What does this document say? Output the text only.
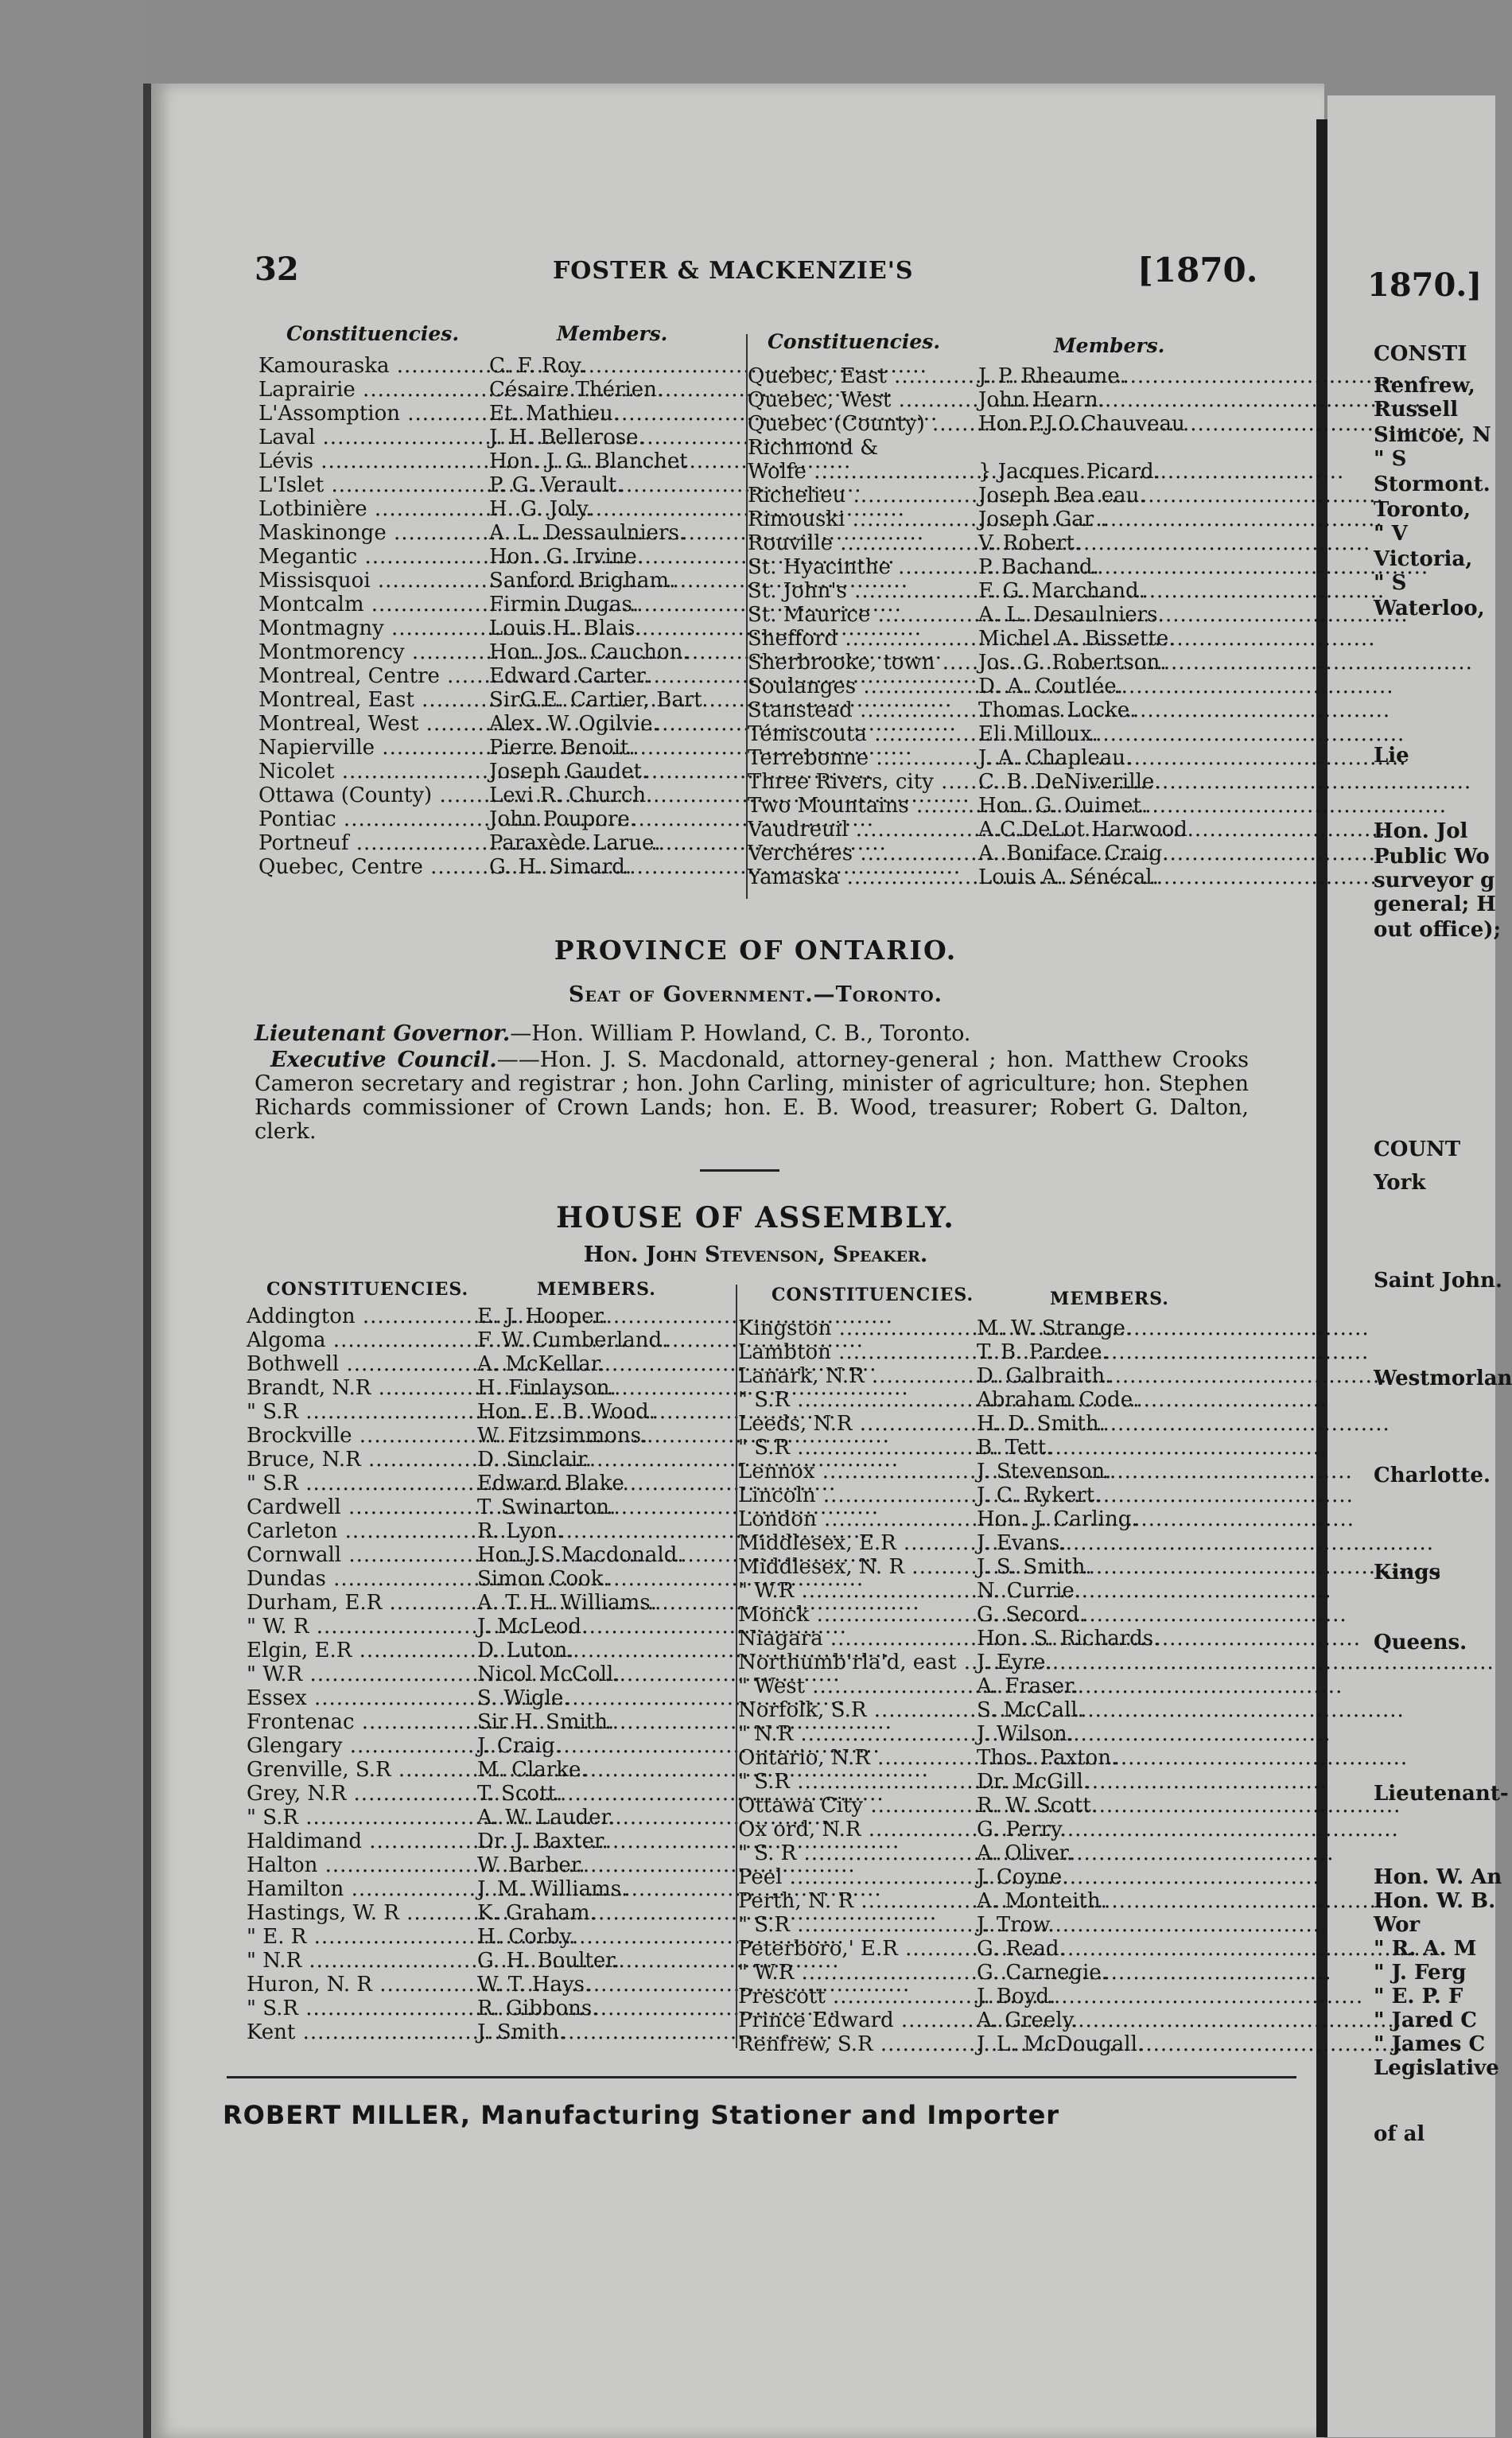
1870.]
CONSTI
Renfrew,
Russell
Simcoe, N
" S
Stormont.
Toronto,
" V
Victoria,
" S
Waterloo,
Lie
Hon. Jol
Public Wo
surveyor g
general; H
out office);
COUNT
York
Saint John.
Westmorlan
Charlotte.
Kings
Queens.
Lieutenant-
Hon. W. An
Hon. W. B.
Wor
" R. A. M
" J. Ferg
" E. P. F
" Jared C
" James C
Legislative
of al
32	FOSTER & MACKENZIE'S	[1870.
Constituencies.	Members.	Constituencies.	Members.
Kamouraska .....	C. F. Roy.
Laprairie .....	Césaire Thérien.
L'Assomption .....	Et. Mathieu.
Laval .....	J. H. Bellerose.
Lévis .....	Hon. J. G. Blanchet
L'Islet .....	P. G. Verault.
Lotbinière .....	H. G. Joly.
Maskinonge .....	A. L. Dessaulniers.
Megantic .....	Hon. G. Irvine.
Missisquoi .....	Sanford Brigham.
Montcalm .....	Firmin Dugas.
Montmagny .....	Louis H. Blais.
Montmorency .....	Hon. Jos. Cauchon.
Montreal, Centre .....	Edward Carter.
Montreal, East .....	SirG.E. Cartier, Bart
Montreal, West .....	Alex. W. Ogilvie.
Napierville .....	Pierre Benoit.
Nicolet .....	Joseph Gaudet.
Ottawa (County) .....	Levi R. Church.
Pontiac .....	John Poupore.
Portneuf .....	Paraxède Larue.
Quebec, Centre .....	G. H. Simard.
Quebec, East .....	J. P. Rheaume.
Quebec, West .....	John Hearn.
Quebec (County) .....	Hon.P.J.O.Chauveau
Richmond &
Wolfe .....	} Jacques Picard.
Richelieu .....	Joseph Bea eau.
Rimouski .....	Joseph Gar .
Rouville .....	V. Robert.
St. Hyacinthe .....	P. Bachand.
St. John's .....	F. G. Marchand.
St. Maurice .....	A. L. Desaulniers.
Shefford .....	Michel A. Bissette.
Sherbrooke, town .....	Jos. G. Robertson.
Soulanges .....	D. A. Coutlée.
Stanstead .....	Thomas Locke.
Témiscouta .....	Eli Milloux.
Terrebonne .....	J. A. Chapleau.
Three Rivers, city .....	C. B. DeNiverille.
Two Mountains .....	Hon. G. Ouimet.
Vaudreuil .....	A.C.DeLot Harwood
Verchéres .....	A. Boniface Craig.
Yamaska .....	Louis A. Sénécal.
PROVINCE OF ONTARIO.
Seat of Government.—Toronto.
Lieutenant Governor.—Hon. William P. Howland, C. B., Toronto.
Executive Council.——Hon. J. S. Macdonald, attorney-general ; hon. Matthew Crooks Cameron secretary and registrar ; hon. John Carling, minister of agriculture; hon. Stephen Richards commissioner of Crown Lands; hon. E. B. Wood, treasurer; Robert G. Dalton, clerk.
HOUSE OF ASSEMBLY.
Hon. John Stevenson, Speaker.
CONSTITUENCIES.	MEMBERS.	CONSTITUENCIES.	MEMBERS.
Addington .....	E. J. Hooper.
Algoma .....	F. W. Cumberland.
Bothwell .....	A. McKellar.
Brandt, N.R .....	H. Finlayson.
" S.R .....	Hon. E. B. Wood.
Brockville .....	W. Fitzsimmons.
Bruce, N.R .....	D. Sinclair.
" S.R .....	Edward Blake
Cardwell .....	T. Swinarton.
Carleton .....	R. Lyon.
Cornwall .....	Hon.J.S.Macdonald.
Dundas .....	Simon Cook.
Durham, E.R .....	A. T. H. Williams.
" W. R .....	J. McLeod.
Elgin, E.R .....	D. Luton.
" W.R .....	Nicol McColl.
Essex .....	S. Wigle.
Frontenac .....	Sir H. Smith.
Glengary .....	J. Craig.
Grenville, S.R .....	M. Clarke.
Grey, N.R .....	T. Scott.
" S.R .....	A. W. Lauder.
Haldimand .....	Dr. J. Baxter.
Halton .....	W. Barber.
Hamilton .....	J. M. Williams.
Hastings, W. R .....	K. Graham.
" E. R .....	H. Corby.
" N.R .....	G. H. Boulter.
Huron, N. R .....	W. T. Hays.
" S.R .....	R. Gibbons.
Kent .....	J. Smith.
Kingston .....	M. W. Strange.
Lambton .....	T. B. Pardee.
Lanark, N.R .....	D. Galbraith.
" S.R .....	Abraham Code.
Leeds, N.R .....	H. D. Smith.
" S.R .....	B. Tett.
Lennox .....	J. Stevenson.
Lincoln .....	J. C. Rykert.
London .....	Hon. J. Carling.
Middlesex, E.R .....	J. Evans.
Middlesex, N. R .....	J. S. Smith.
" W.R .....	N. Currie.
Monck .....	G. Secord.
Niagara .....	Hon. S. Richards.
Northumb'rla'd, east ..... J. Eyre.
" West .....	A. Fraser.
Norfolk, S.R .....	S. McCall.
" N.R .....	J. Wilson.
Ontario, N.R .....	Thos. Paxton.
" S.R .....	Dr. McGill.
Ottawa City .....	R. W. Scott.
Ox ord, N.R .....	G. Perry.
" S. R .....	A. Oliver.
Peel .....	J. Coyne.
Perth, N. R .....	A. Monteith.
" S.R .....	J. Trow.
Peterboro,' E.R .....	G. Read.
" W.R .....	G. Carnegie.
Prescott .....	J. Boyd.
Prince Edward .....	A. Greely.
Renfrew, S.R .....	J. L. McDougall.
ROBERT MILLER, Manufacturing Stationer and Importer
